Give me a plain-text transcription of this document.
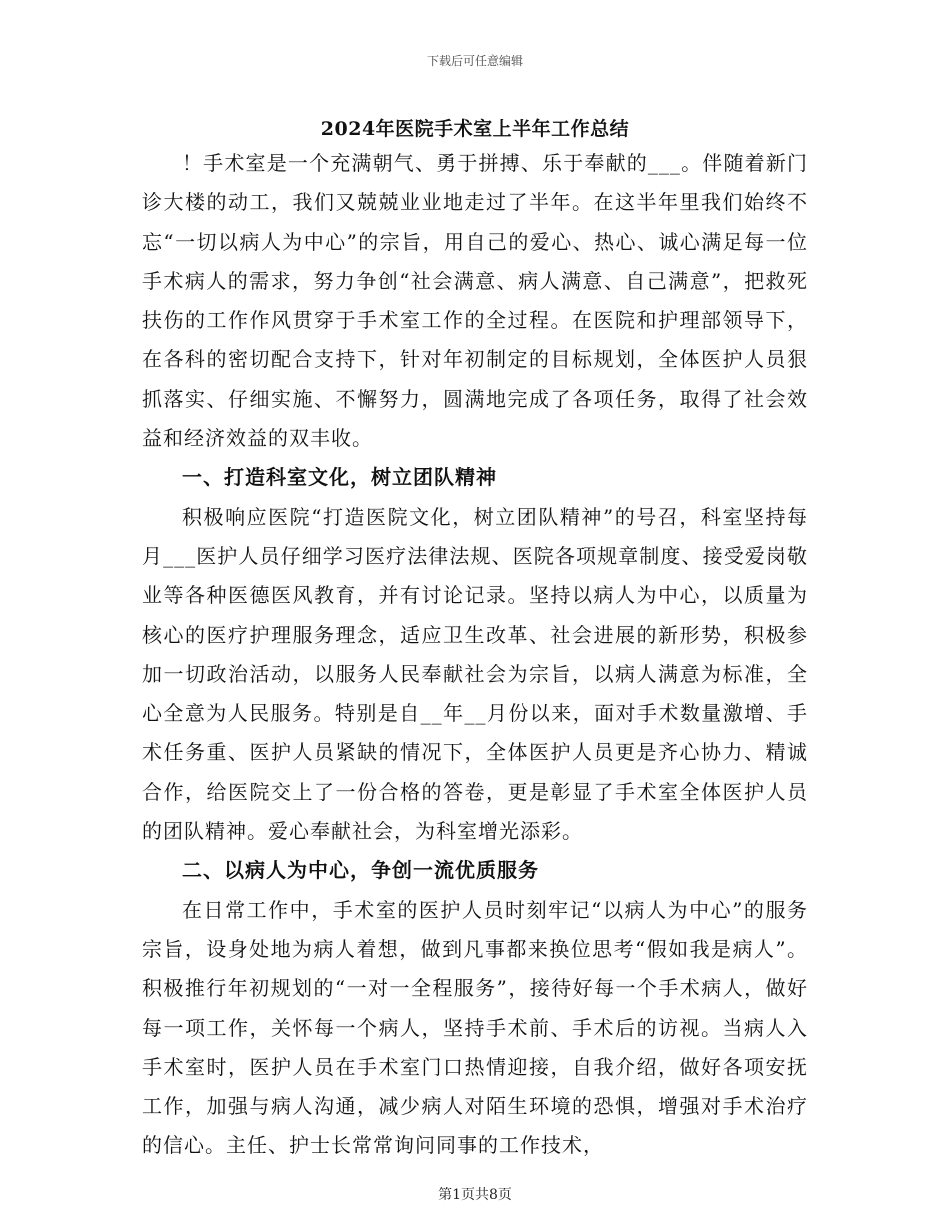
下载后可任意编辑
2024年医院手术室上半年工作总结

！手术室是一个充满朝气、勇于拼搏、乐于奉献的___。伴随着新门诊大楼的动工，我们又兢兢业业地走过了半年。在这半年里我们始终不忘“一切以病人为中心”的宗旨，用自己的爱心、热心、诚心满足每一位手术病人的需求，努力争创“社会满意、病人满意、自己满意”，把救死扶伤的工作作风贯穿于手术室工作的全过程。在医院和护理部领导下，在各科的密切配合支持下，针对年初制定的目标规划，全体医护人员狠抓落实、仔细实施、不懈努力，圆满地完成了各项任务，取得了社会效益和经济效益的双丰收。

一、打造科室文化，树立团队精神

积极响应医院“打造医院文化，树立团队精神”的号召，科室坚持每月___医护人员仔细学习医疗法律法规、医院各项规章制度、接受爱岗敬业等各种医德医风教育，并有讨论记录。坚持以病人为中心，以质量为核心的医疗护理服务理念，适应卫生改革、社会进展的新形势，积极参加一切政治活动，以服务人民奉献社会为宗旨，以病人满意为标准，全心全意为人民服务。特别是自__年__月份以来，面对手术数量激增、手术任务重、医护人员紧缺的情况下，全体医护人员更是齐心协力、精诚合作，给医院交上了一份合格的答卷，更是彰显了手术室全体医护人员的团队精神。爱心奉献社会，为科室增光添彩。

二、以病人为中心，争创一流优质服务

在日常工作中，手术室的医护人员时刻牢记“以病人为中心”的服务宗旨，设身处地为病人着想，做到凡事都来换位思考“假如我是病人”。积极推行年初规划的“一对一全程服务”，接待好每一个手术病人，做好每一项工作，关怀每一个病人，坚持手术前、手术后的访视。当病人入手术室时，医护人员在手术室门口热情迎接，自我介绍，做好各项安抚工作，加强与病人沟通，减少病人对陌生环境的恐惧，增强对手术治疗的信心。主任、护士长常常询问同事的工作技术，

第1页共8页
